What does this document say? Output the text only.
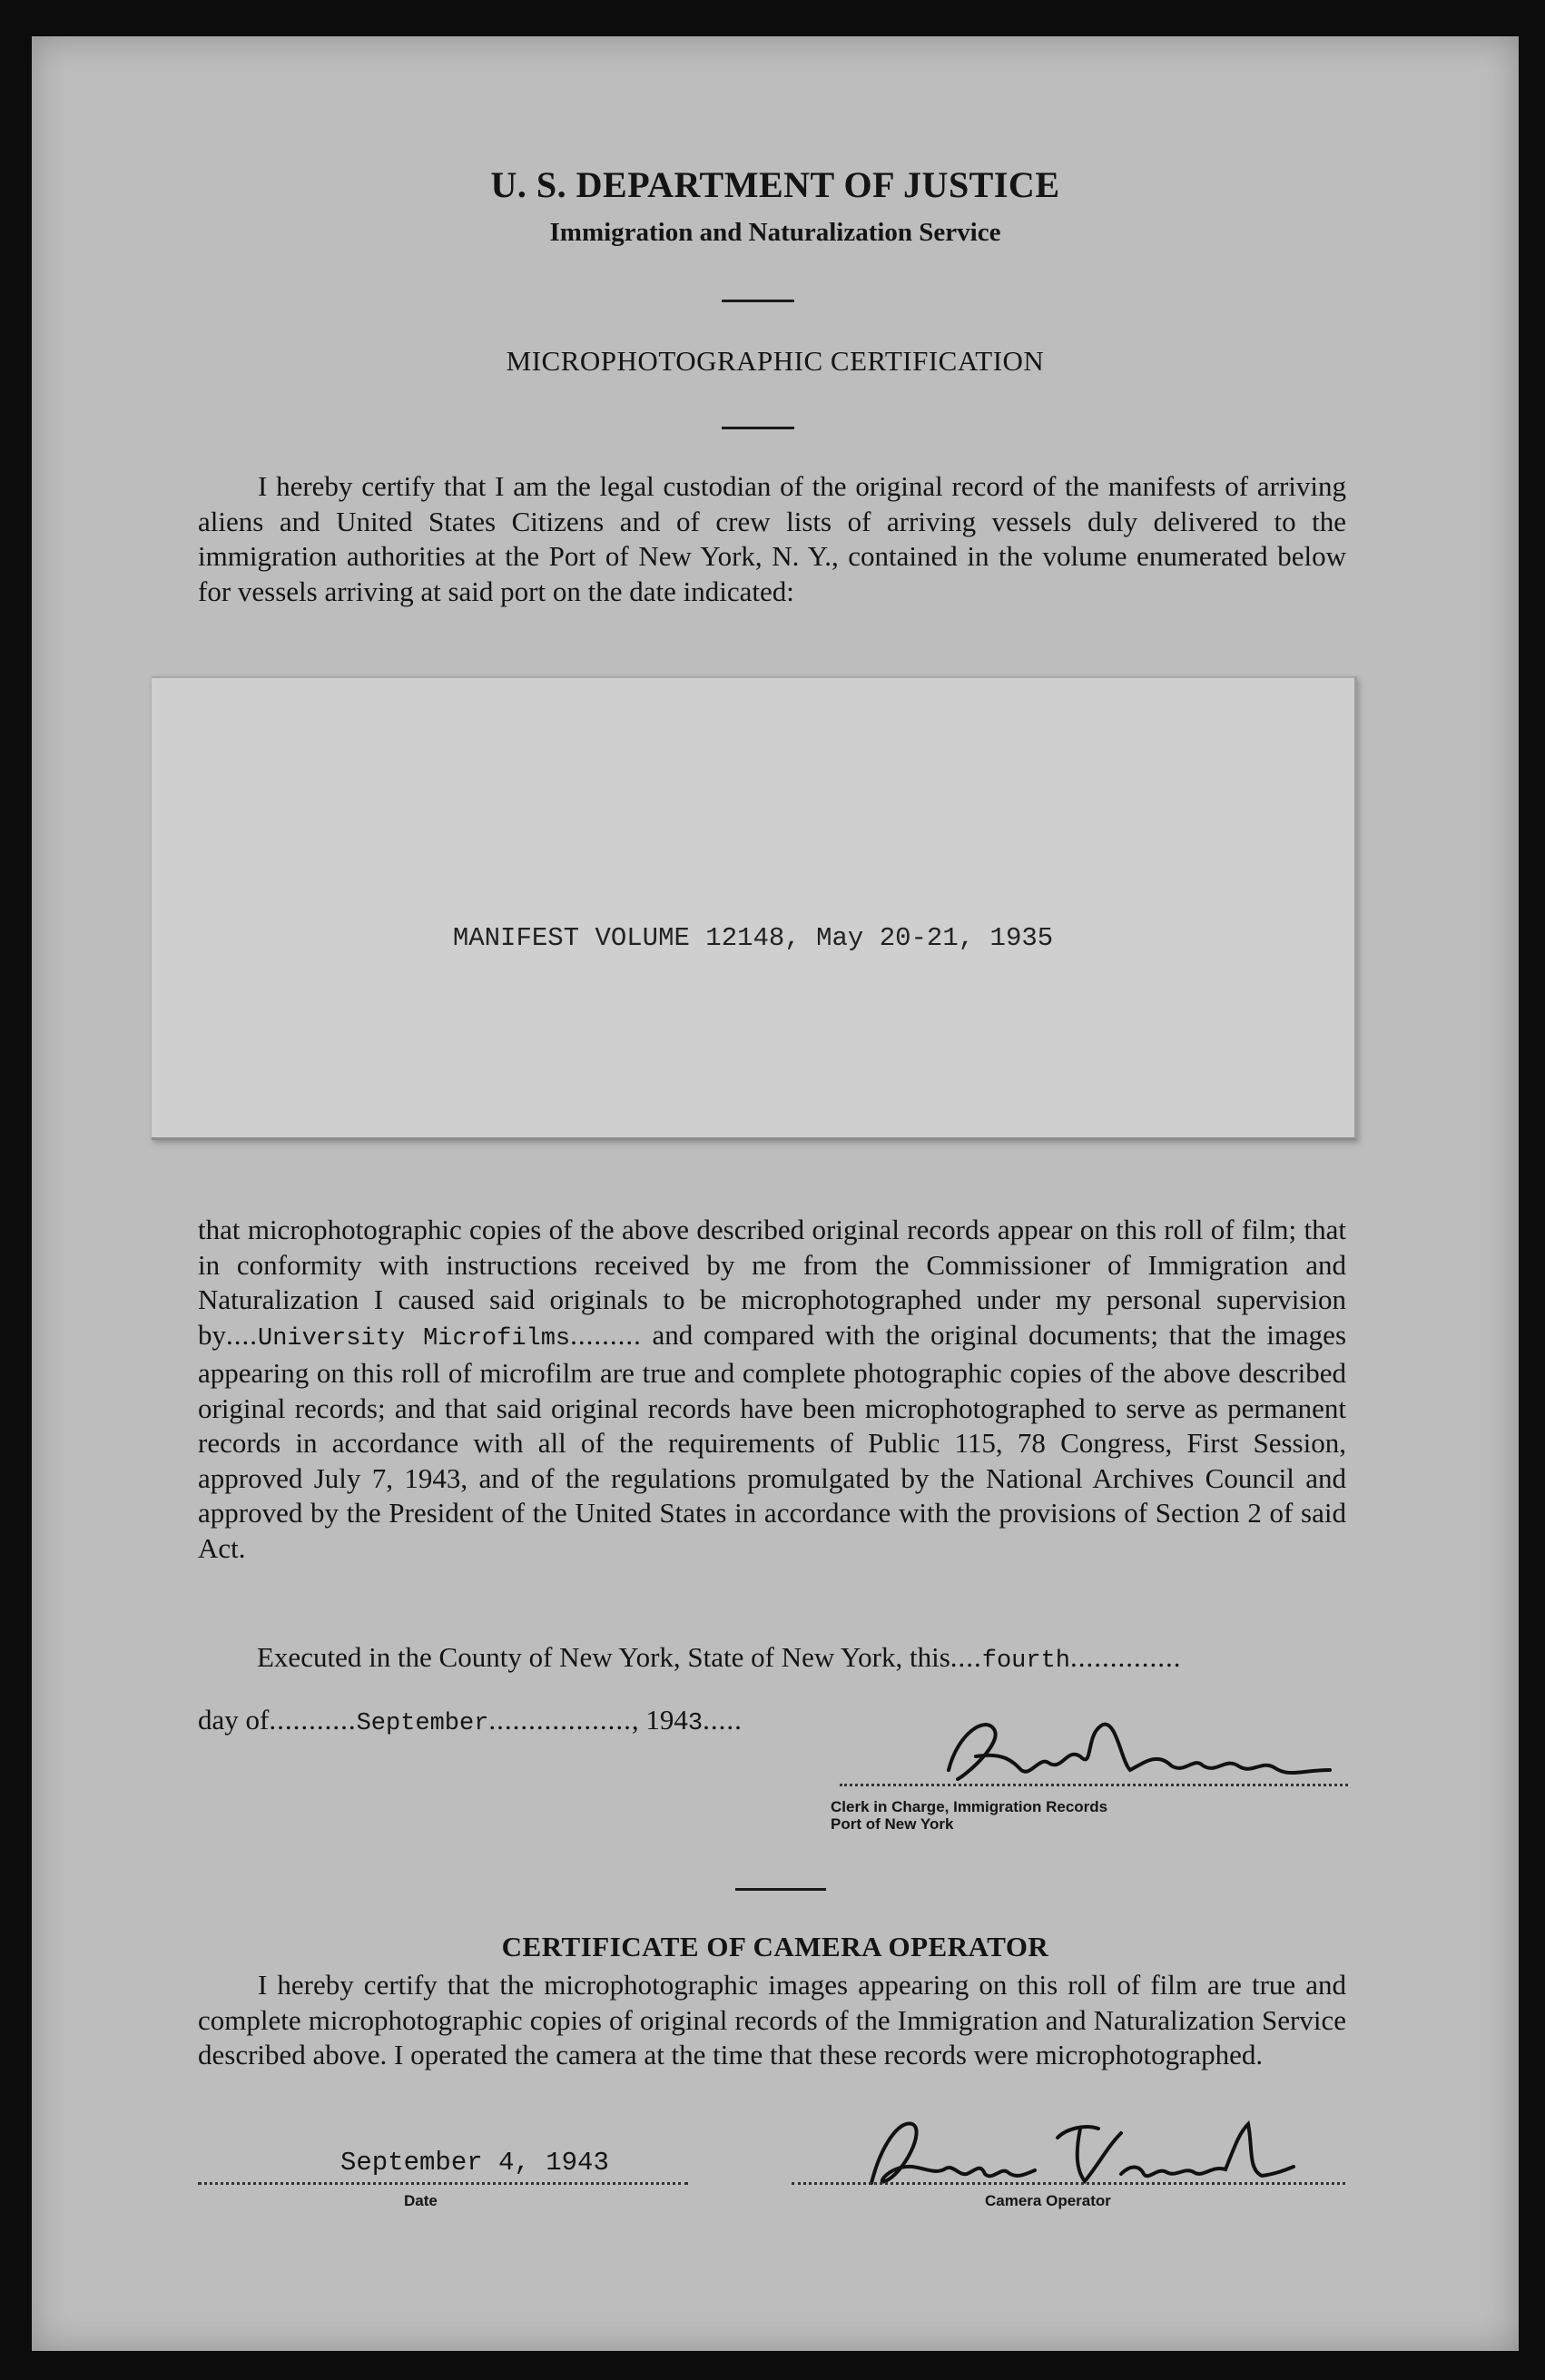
U. S. DEPARTMENT OF JUSTICE
Immigration and Naturalization Service
MICROPHOTOGRAPHIC CERTIFICATION
I hereby certify that I am the legal custodian of the original record of the manifests of arriving aliens and United States Citizens and of crew lists of arriving vessels duly delivered to the immigration authorities at the Port of New York, N. Y., contained in the volume enumerated below for vessels arriving at said port on the date indicated:
MANIFEST VOLUME 12148, May 20-21, 1935
that microphotographic copies of the above described original records appear on this roll of film; that in conformity with instructions received by me from the Commissioner of Immigration and Naturalization I caused said originals to be microphotographed under my personal supervision by....University Microfilms......... and compared with the original documents; that the images appearing on this roll of microfilm are true and complete photographic copies of the above described original records; and that said original records have been microphotographed to serve as permanent records in accordance with all of the requirements of Public 115, 78 Congress, First Session, approved July 7, 1943, and of the regulations promulgated by the National Archives Council and approved by the President of the United States in accordance with the provisions of Section 2 of said Act.
Executed in the County of New York, State of New York, this....fourth..............
day of...........September.................., 1943.....
Clerk in Charge, Immigration Records
Port of New York
CERTIFICATE OF CAMERA OPERATOR
I hereby certify that the microphotographic images appearing on this roll of film are true and complete microphotographic copies of original records of the Immigration and Naturalization Service described above. I operated the camera at the time that these records were microphotographed.
September 4, 1943
Date	Camera Operator
